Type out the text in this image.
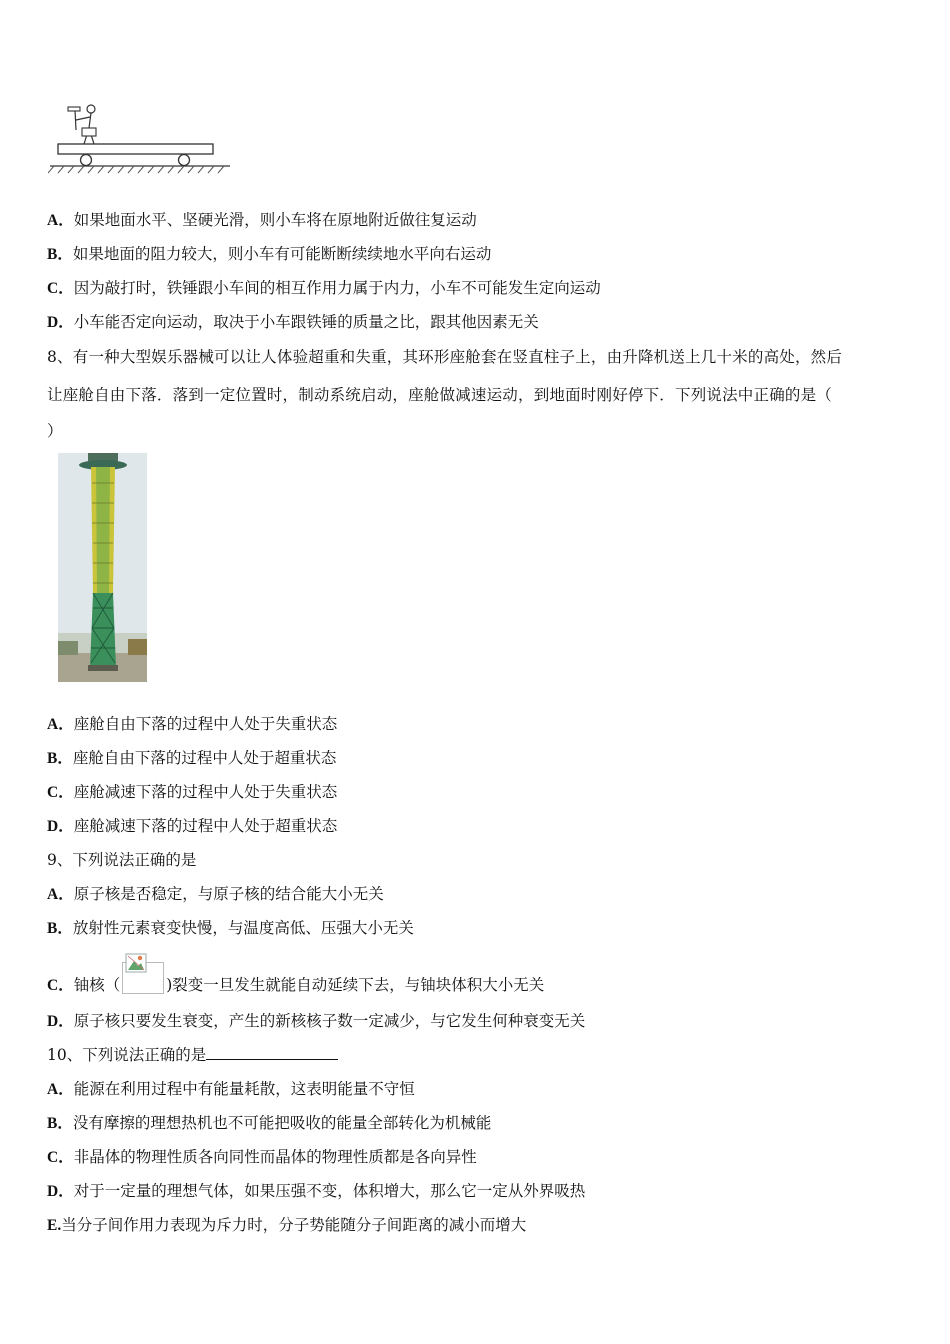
A．如果地面水平、坚硬光滑，则小车将在原地附近做往复运动
B．如果地面的阻力较大，则小车有可能断断续续地水平向右运动
C．因为敲打时，铁锤跟小车间的相互作用力属于内力，小车不可能发生定向运动
D．小车能否定向运动，取决于小车跟铁锤的质量之比，跟其他因素无关
8、有一种大型娱乐器械可以让人体验超重和失重，其环形座舱套在竖直柱子上，由升降机送上几十米的高处，然后
让座舱自由下落．落到一定位置时，制动系统启动，座舱做减速运动，到地面时刚好停下．下列说法中正确的是（
）
A．座舱自由下落的过程中人处于失重状态
B．座舱自由下落的过程中人处于超重状态
C．座舱减速下落的过程中人处于失重状态
D．座舱减速下落的过程中人处于超重状态
9、下列说法正确的是
A．原子核是否稳定，与原子核的结合能大小无关
B．放射性元素衰变快慢，与温度高低、压强大小无关
C．铀核（	)裂变一旦发生就能自动延续下去，与铀块体积大小无关
D．原子核只要发生衰变，产生的新核核子数一定减少，与它发生何种衰变无关
10、下列说法正确的是
A．能源在利用过程中有能量耗散，这表明能量不守恒
B．没有摩擦的理想热机也不可能把吸收的能量全部转化为机械能
C．非晶体的物理性质各向同性而晶体的物理性质都是各向异性
D．对于一定量的理想气体，如果压强不变，体积增大，那么它一定从外界吸热
E.当分子间作用力表现为斥力时，分子势能随分子间距离的减小而增大
